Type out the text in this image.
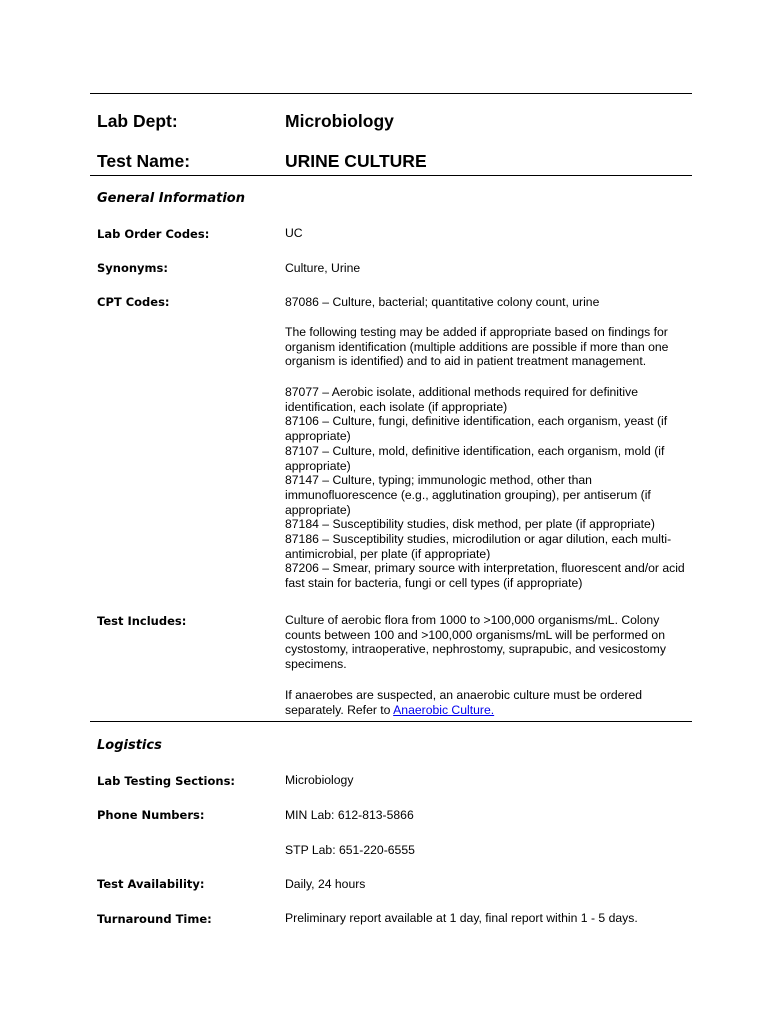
Lab Dept:	Microbiology
Test Name:	URINE CULTURE
General Information
Lab Order Codes:	UC
Synonyms:	Culture, Urine
CPT Codes:	87086 – Culture, bacterial; quantitative colony count, urine
The following testing may be added if appropriate based on findings for organism identification (multiple additions are possible if more than one organism is identified) and to aid in patient treatment management.

87077 – Aerobic isolate, additional methods required for definitive identification, each isolate (if appropriate)

87106 – Culture, fungi, definitive identification, each organism, yeast (if appropriate)

87107 – Culture, mold, definitive identification, each organism, mold (if appropriate)

87147 – Culture, typing; immunologic method, other than immunofluorescence (e.g., agglutination grouping), per antiserum (if appropriate)

87184 – Susceptibility studies, disk method, per plate (if appropriate)

87186 – Susceptibility studies, microdilution or agar dilution, each multi-antimicrobial, per plate (if appropriate)

87206 – Smear, primary source with interpretation, fluorescent and/or acid fast stain for bacteria, fungi or cell types (if appropriate)

Test Includes:	Culture of aerobic flora from 1000 to >100,000 organisms/mL. Colony counts between 100 and >100,000 organisms/mL will be performed on cystostomy, intraoperative, nephrostomy, suprapubic, and vesicostomy specimens.
If anaerobes are suspected, an anaerobic culture must be ordered separately. Refer to Anaerobic Culture.
Logistics
Lab Testing Sections:	Microbiology
Phone Numbers:	MIN Lab: 612-813-5866
STP Lab: 651-220-6555
Test Availability:	Daily, 24 hours
Turnaround Time:	Preliminary report available at 1 day, final report within 1 - 5 days.
